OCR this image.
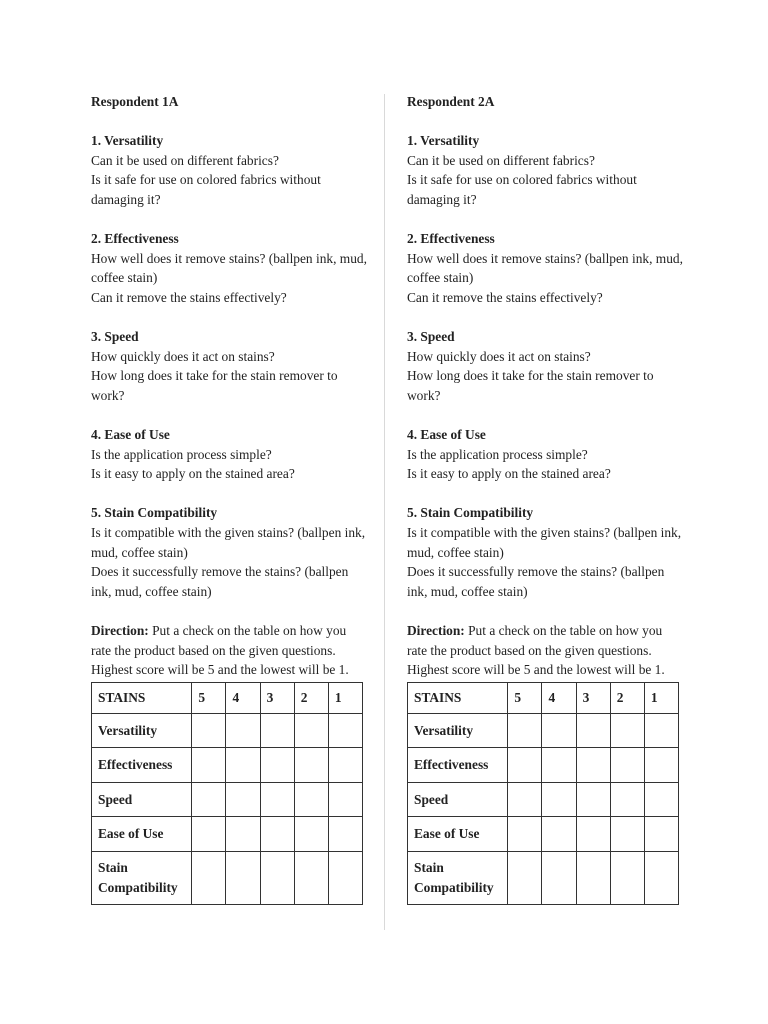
Respondent 1A
1. Versatility
Can it be used on different fabrics?
Is it safe for use on colored fabrics without damaging it?
2. Effectiveness
How well does it remove stains? (ballpen ink, mud, coffee stain)
Can it remove the stains effectively?
3. Speed
How quickly does it act on stains?
How long does it take for the stain remover to work?
4. Ease of Use
Is the application process simple?
Is it easy to apply on the stained area?
5. Stain Compatibility
Is it compatible with the given stains? (ballpen ink, mud, coffee stain)
Does it successfully remove the stains? (ballpen ink, mud, coffee stain)
Direction: Put a check on the table on how you rate the product based on the given questions. Highest score will be 5 and the lowest will be 1.
STAINS	5	4	3	2	1
Versatility					
Effectiveness					
Speed					
Ease of Use					
Stain Compatibility					
Respondent 2A
1. Versatility
Can it be used on different fabrics?
Is it safe for use on colored fabrics without damaging it?
2. Effectiveness
How well does it remove stains? (ballpen ink, mud, coffee stain)
Can it remove the stains effectively?
3. Speed
How quickly does it act on stains?
How long does it take for the stain remover to work?
4. Ease of Use
Is the application process simple?
Is it easy to apply on the stained area?
5. Stain Compatibility
Is it compatible with the given stains? (ballpen ink, mud, coffee stain)
Does it successfully remove the stains? (ballpen ink, mud, coffee stain)
Direction: Put a check on the table on how you rate the product based on the given questions. Highest score will be 5 and the lowest will be 1.
STAINS	5	4	3	2	1
Versatility					
Effectiveness					
Speed					
Ease of Use					
Stain Compatibility					
